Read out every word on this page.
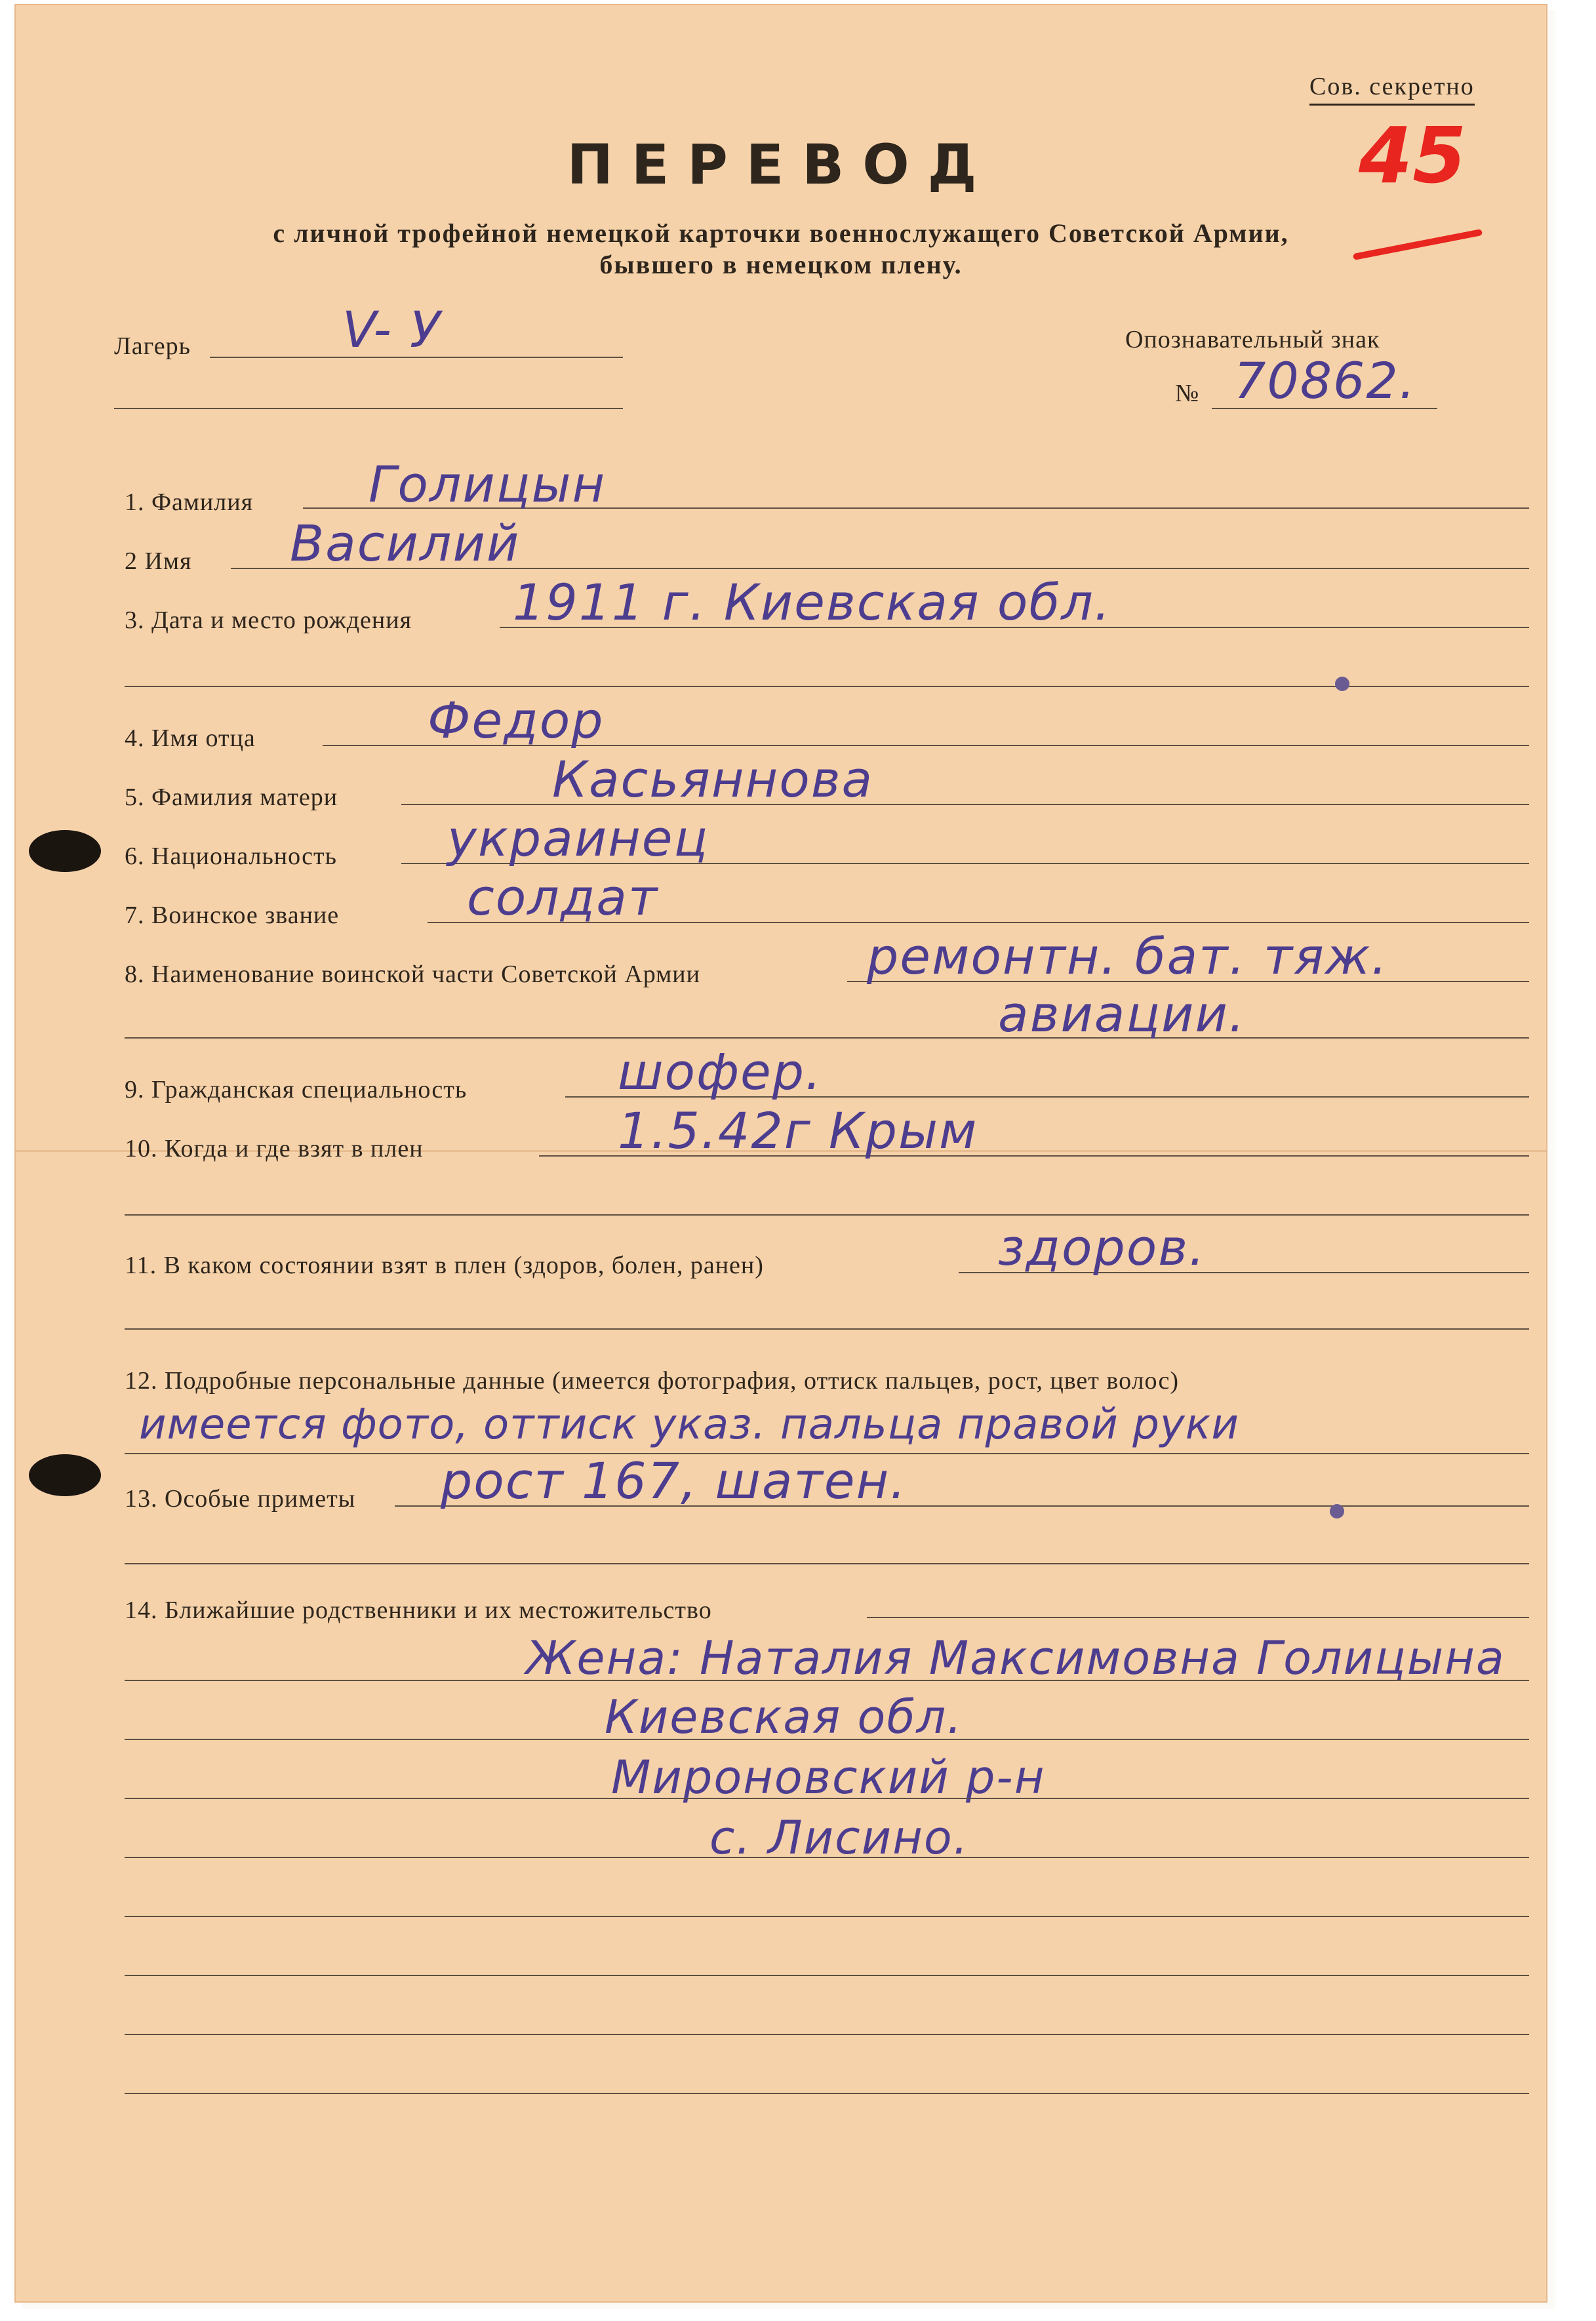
Сов. секретно
45
ПЕРЕВОД
с личной трофейной немецкой карточки военнослужащего Советской Армии,
бывшего в немецком плену.
Лагерь	V- У	Опознавательный знак
№ 70862.
1. Фамилия Голицын
2 Имя Василий
3. Дата и место рождения 1911 г. Киевская обл.
4. Имя отца	Федор
5. Фамилия матери	Касьяннова
6. Национальность украинец
7. Воинское звание	солдат
8. Наименование воинской части Советской Армии	ремонтн. бат. тяж.
авиации.
9. Гражданская специальность	шофер.
10. Когда и где взят в плен	1.5.42г Крым
11. В каком состоянии взят в плен (здоров, болен, ранен)	здоров.
12. Подробные персональные данные (имеется фотография, оттиск пальцев, рост, цвет волос)
имеется фото, оттиск указ. пальца правой руки
13. Особые приметы рост 167, шатен.
14. Ближайшие родственники и их местожительство
Жена: Наталия Максимовна Голицына
Киевская обл.
Мироновский р-н
с. Лисино.
